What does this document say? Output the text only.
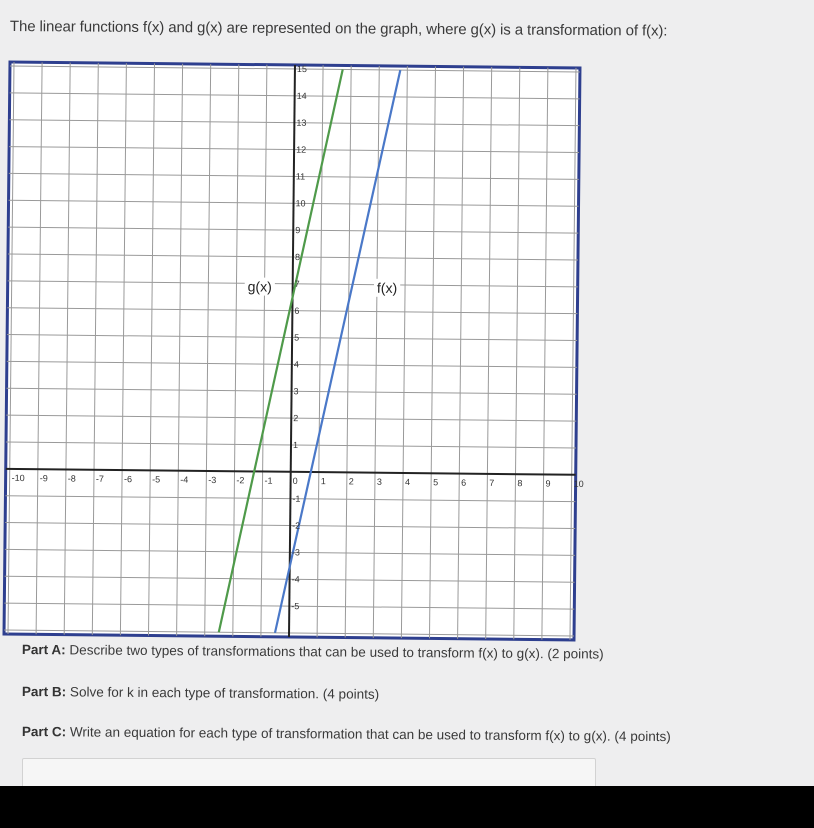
The linear functions f(x) and g(x) are represented on the graph, where g(x) is a transformation of f(x):
-10 -9 -8 -7 -6 -5 -4 -3 -2 -1 0	1	2	3	4	5	6	7	8	9	10
15
14
13
12
11
10
9
8
7
6
5
4
3
2
1
-1
-2
-3
-4
-5
f(x)
g(x)
Part A: Describe two types of transformations that can be used to transform f(x) to g(x). (2 points)
Part B: Solve for k in each type of transformation. (4 points)
Part C: Write an equation for each type of transformation that can be used to transform f(x) to g(x). (4 points)
